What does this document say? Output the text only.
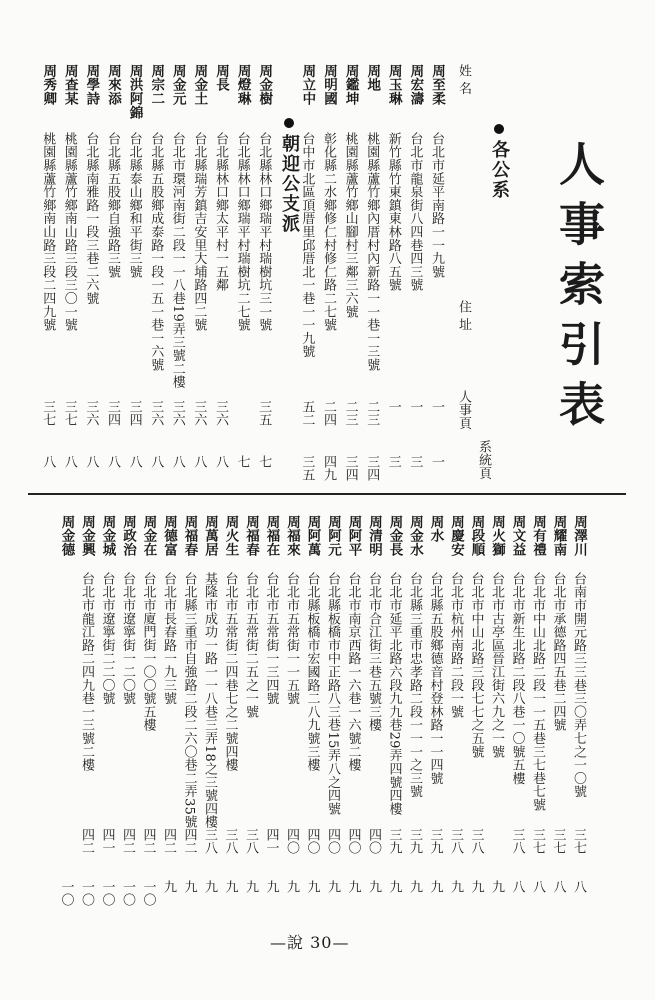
人事索引表
姓 名
住 址
人事頁
系統頁
各公系
朝迎公支派
周至柔
台北市延平南路一一九號
一
一
周宏濤
台北市龍泉街八四巷四三號
一
三
周玉琳
新竹縣竹東鎮東林路八五號
一
三
周地
桃園縣蘆竹鄉內厝村內新路一一巷一三號
二三
三四
周鑑坤
桃園縣蘆竹鄉山腳村三鄰三六號
二三
三四
周明國
彰化縣二水鄉修仁村修仁路二七號
二四
四九
周立中
台中市北區頂厝里邱厝北一巷一一九號
五二
三五
周金樹
台北縣林口鄉瑞平村瑞樹坑三一號
三五
七
周燈琳
台北縣林口鄉瑞平村瑞樹坑二七號
七
周長
台北縣林口鄉太平村一五鄰
三六
八
周金土
台北縣瑞芳鎮吉安里大埔路四二號
三六
八
周金元
台北市環河南街二段一一八巷19弄三號二樓
三六
八
周宗二
台北縣五股鄉成泰路一段一五一巷一六號
三六
八
周洪阿錦
台北縣泰山鄉和平街三號
三四
八
周來添
台北縣五股鄉自強路三號
三四
八
周學詩
台北縣南雅路一段三巷二六號
三六
八
周查某
桃園縣蘆竹鄉南山路三段三〇一號
三七
八
周秀卿
桃園縣蘆竹鄉南山路三段二四九號
三七
八
周澤川
台南市開元路三三巷三〇弄七之一〇號
三七
八
周耀南
台北市承德路四五巷二四號
三七
八
周有禮
台北市中山北路二段一一五巷三七巷七號
三七
八
周文益
台北市新生北路二段八巷一〇號五樓
三八
八
周火獅
台北市古亭區晉江街六九之一號
九
周段順
台北市中山北路三段七七之五號
三八
九
周慶安
台北市杭州南路二段一號
三八
九
周水
台北縣五股鄉德音村登林路一一四號
三九
九
周金水
台北縣三重市忠孝路二段一一一之三號
三九
九
周金長
台北市延平北路六段九九巷29弄四號四樓
三九
九
周清明
台北市合江街三巷五號三樓
四〇
九
周阿平
台北市南京西路一六巷一六號二樓
四〇
九
周阿元
台北縣板橋市中正路八三巷15弄八之四號
四〇
九
周阿萬
台北縣板橋市宏國路二八九號三樓
四〇
九
周福來
台北市五常街一一五號
四〇
九
周福在
台北市五常街一三四號
四一
九
周福春
台北市五常街二五之一號
三八
九
周火生
台北市五常街二四巷七之二號四樓
三八
九
周萬居
基隆市成功一路一一八巷三弄18之三號四樓
三八
九
周福春
台北縣三重市自強路二段二六〇巷二弄35號
四二
九
周德富
台北市長春路一九三號
四二
九
周金在
台北市廈門街一〇〇號五樓
四二
一〇
周政治
台北市遼寧街一二〇號
四二
一〇
周金城
台北市遼寧街二二〇號
四一
一〇
周金興
台北市龍江路二四九巷一三號二樓
四二
一〇
周金德
一〇
—說 30—
